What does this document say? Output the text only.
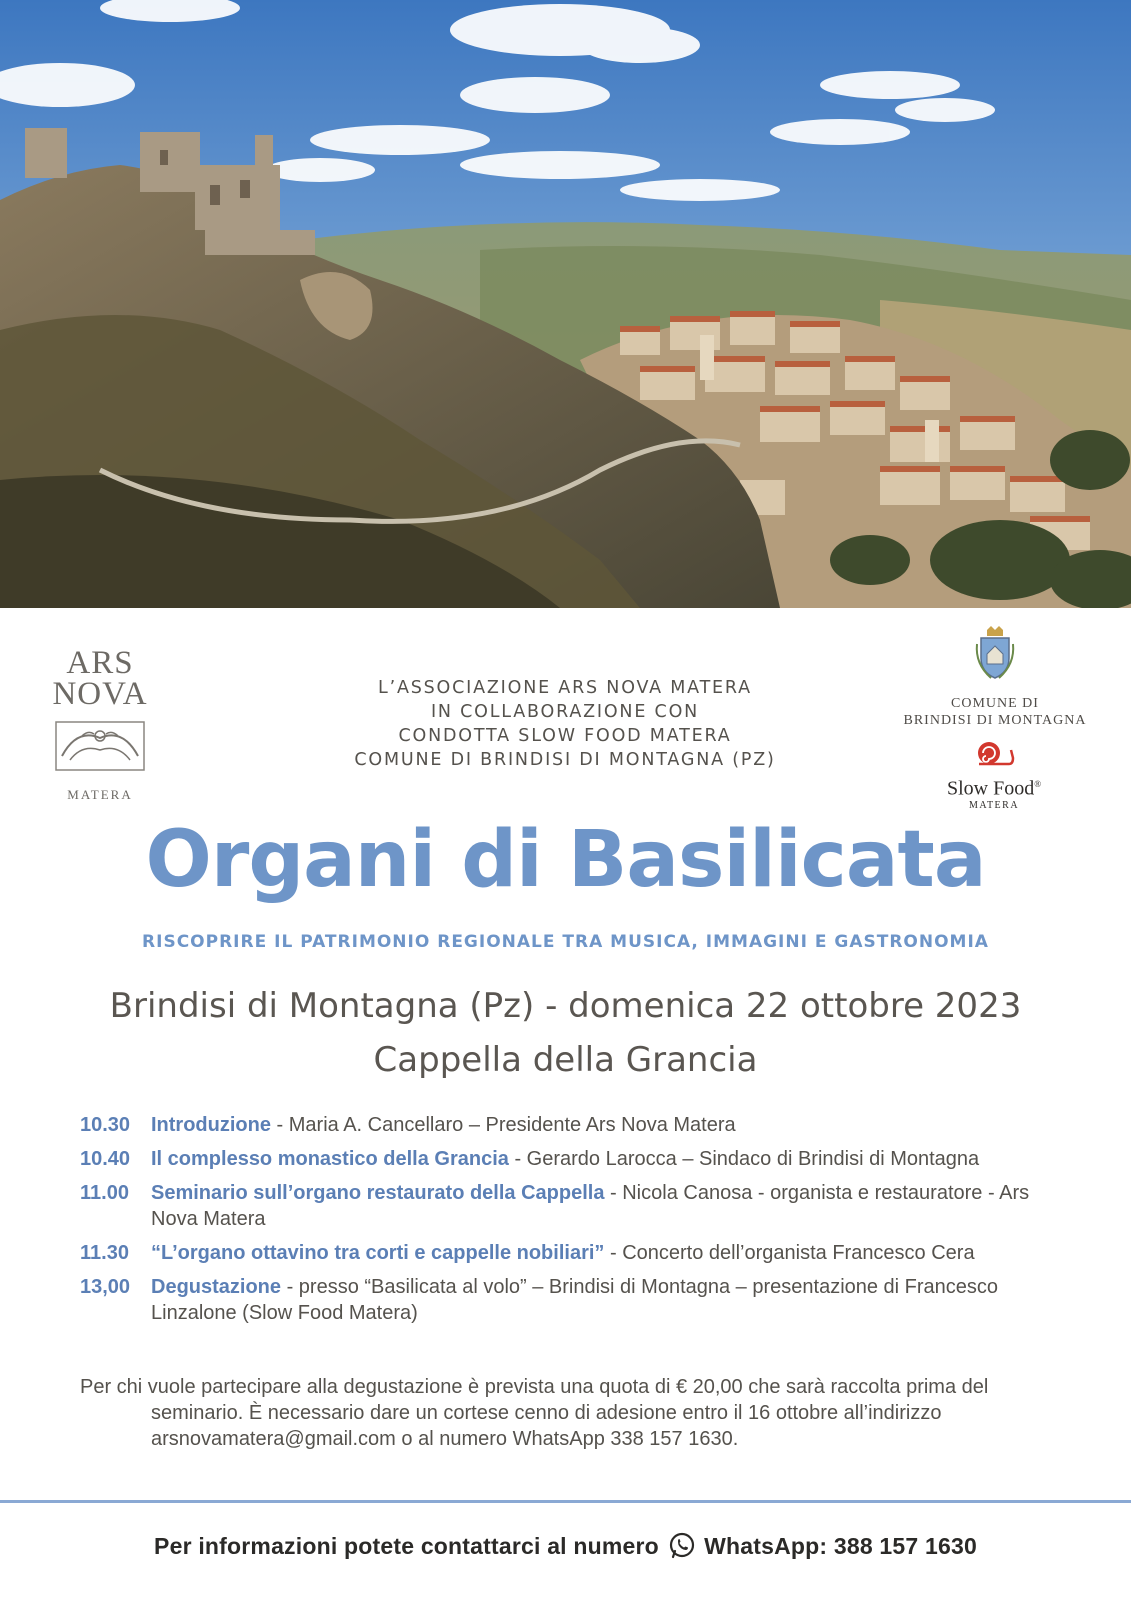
ARS
NOVA
MATERA
L’ASSOCIAZIONE ARS NOVA MATERA
IN COLLABORAZIONE CON
CONDOTTA SLOW FOOD MATERA
COMUNE DI BRINDISI DI MONTAGNA (PZ)
COMUNE DI
BRINDISI DI MONTAGNA
Slow Food®
MATERA
Organi di Basilicata
RISCOPRIRE IL PATRIMONIO REGIONALE TRA MUSICA, IMMAGINI E GASTRONOMIA
Brindisi di Montagna (Pz) - domenica 22 ottobre 2023
Cappella della Grancia
10.30	Introduzione - Maria A. Cancellaro – Presidente Ars Nova Matera
10.40	Il complesso monastico della Grancia - Gerardo Larocca – Sindaco di Brindisi di Montagna
11.00	Seminario sull’organo restaurato della Cappella - Nicola Canosa - organista e restauratore - Ars Nova Matera
11.30	“L’organo ottavino tra corti e cappelle nobiliari” - Concerto dell’organista Francesco Cera
13,00	Degustazione - presso “Basilicata al volo” – Brindisi di Montagna – presentazione di Francesco Linzalone (Slow Food Matera)

Per chi vuole partecipare alla degustazione è prevista una quota di € 20,00 che sarà raccolta prima del seminario. È necessario dare un cortese cenno di adesione entro il 16 ottobre all’indirizzo arsnovamatera@gmail.com o al numero WhatsApp 338 157 1630.

Per informazioni potete contattarci al numero WhatsApp: 388 157 1630
